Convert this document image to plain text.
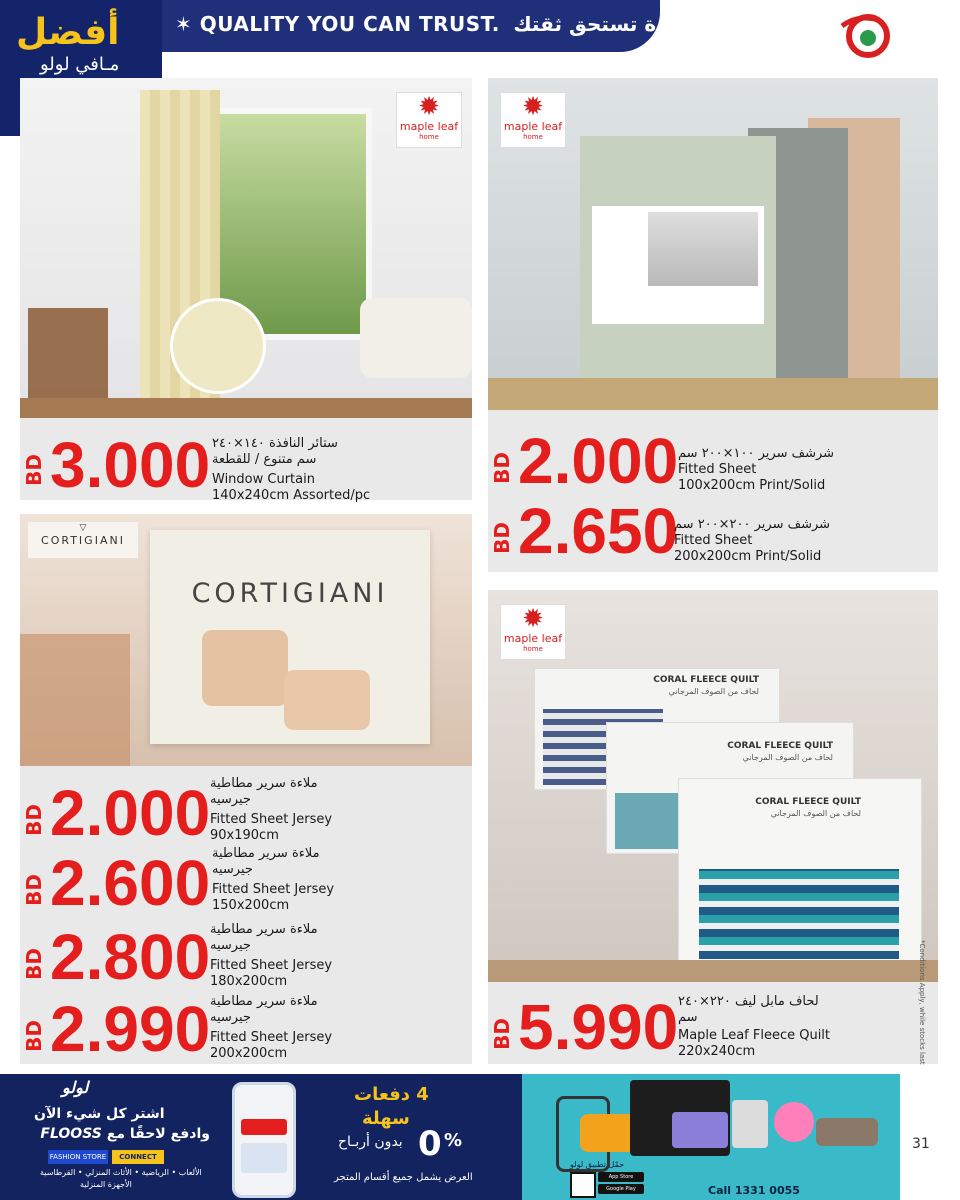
✶ QUALITY YOU CAN TRUST. جودة تستحق ثقتك ✶
أفضل
مـافي لولو
✹
maple leaf
home
BD 3.000 ستائر النافذة ١٤٠×٢٤٠
سم متنوع / للقطعة
Window Curtain
140x240cm Assorted/pc
✹
maple leaf
home
BD 2.000 شرشف سرير ١٠٠×٢٠٠ سم
Fitted Sheet
100x200cm Print/Solid
BD 2.650
شرشف سرير ٢٠٠×٢٠٠ سم
Fitted Sheet
200x200cm Print/Solid
CORTIGIANI
▽
CORTIGIANI
BD 2.000 ملاءة سرير مطاطية
جيرسيه
Fitted Sheet Jersey
90x190cm
BD 2.600 ملاءة سرير مطاطية
جيرسيه
Fitted Sheet Jersey
150x200cm
BD 2.800 ملاءة سرير مطاطية
جيرسيه
Fitted Sheet Jersey
180x200cm
BD 2.990 ملاءة سرير مطاطية
جيرسيه
Fitted Sheet Jersey
200x200cm
CORAL FLEECE QUILT
لحاف من الصوف المرجاني
CORAL FLEECE QUILT
لحاف من الصوف المرجاني
CORAL FLEECE QUILT
لحاف من الصوف المرجاني
✹
maple leaf
home
*Conditions Apply, while stocks last
BD 5.990 لحاف مابل ليف ٢٢٠×٢٤٠
سم
Maple Leaf Fleece Quilt
220x240cm
لولو
اشتر كل شيء الآن
وادفع لاحقًا مع FLOOSS
FASHION STORE	CONNECT
الألعاب • الرياضية • الأثاث المنزلي • القرطاسية
الأجهزة المنزلية
4 دفعات
سهلة
بدون أربـاح 0 %
العرض يشمل جميع أقسام المتجر
حمّل تطبيق لولو
App Store
Google Play	Call 1331 0055
31
